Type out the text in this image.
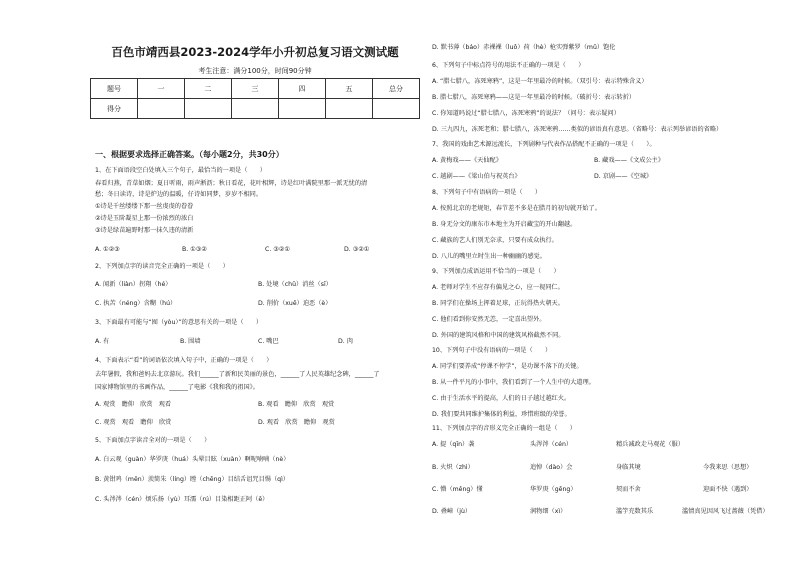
百色市靖西县2023-2024学年小升初总复习语文测试题
考生注意：满分100分，时间90分钟
题号	一	二	三	四	五	总分
得分						
一、根据要求选择正确答案。（每小题2分，共30分）
1、在下面语段空白处填入三个句子，最恰当的一项是（　　）
春看归燕，青草如烟；夏日听雨，雨声淅沥；秋日看花，花叶相辉，诗是红叶满院里那一派无忧的清
愁；冬日读诗，诗是炉边的温暖，仔诗如同梦，岁岁不相同。
①诗是千丝缕缕下那一丝虔虔的眷眷
②诗是玉阶凝星上那一份浓烈的浓白
③诗是绿苗遍野时那一抹久违的清新
A. ①②③	B. ①③②	C. ③②①	D. ③②①
2、下列加点字的读音完全正确的一项是（　　）
A. 闻新（liàn）拐翔（hé）	B. 处境（chǔ）消丝（sī）
C. 执苦（néng）含糊（hú）	D. 削价（xuē）迫恶（è）
3、下面最有可能与“囿（yòu）”的意思有关的一项是（　　）
A. 有	B. 围墙	C. 嘴巴	D. 肉
4、下面表示“看”的词语依次填入句子中，正确的一项是（　　）
去年暑假，我和爸妈去北京游玩。我们______了新和民美丽的景色，______了人民英雄纪念碑，______了
国家博物馆里的书画作品，______了电影《我和我的祖国》。
A. 观赏　瞻仰　欣赏　观看	B. 观看　瞻仰　欣赏　观赏
C. 观赏　观看　瞻仰　欣赏	D. 观看　欣赏　瞻仰　观赏
5、下面加点字读音全对的一项是（　　）
A. 白云观（guàn）华罗庚（huá）头晕目眩（xuàn）啊呢喃喃（nè）
B. 黄钳鸡（měn）羡简朱（líng）瞠（chēng）目结舌诅咒目惕（qì）
C. 头涔涔（cén）烦乐扬（yù）耳濡（rú）目染相距正阿（ē）
D. 默书薄（báo）赤裸裸（luǒ）荷（hè）枪实弹紫罗（mǔ）饱伦
6、下列句子中标点符号的用法不正确的一项是（　　）
A. “腊七腊八，冻死寒鸦”，这是一年里最冷的时候。（双引号：表示特殊含义）
B. 腊七腊八，冻死寒鸦——这是一年里最冷的时候。（破折号：表示转折）
C. 你知道吗说过“腊七腊八，冻死寒鸦”的说法？（问号：表示疑问）
D. 三九四九，冻死老和；腊七腊八，冻死寒鸦……类似的谚语真有意思。（省略号：表示列举谚语的省略）
7、我国的戏曲艺术源远流长，下列剧种与代表作品搭配不正确的一项是（　　）。
A. 黄梅戏——《天仙配》	B. 藏戏——《文成公主》
C. 越剧——《梁山伯与祝英台》	D. 京剧——《空城》
8、下列句子中有语病的一项是（　　）
A. 按照北京的老规矩，春节差不多是在腊月的初旬就开始了。
B. 身无分文的康东市本地主为开启藏宝的开山翻越。
C. 藏族的艺人们别无奈求，只要有成众执行。
D. 八儿的嘴里立时生出一种幽幽的感觉。
9、下列加点成语运用不恰当的一项是（　　）
A. 老师对学生不应存有偏见之心，应一视同仁。
B. 同学们在操场上挥着足球，正玩得热火朝天。
C. 他们看到你安然无恙，一定喜出望外。
D. 外国的建筑风格和中国的建筑风格截然不同。
10、下列句子中没有语病的一项是（　　）
A. 同学们要养成“停课不停学”，是功课不落下的关键。
B. 从一件平凡的小事中，我们看到了一个人生中的大道理。
C. 由于生活水平的提高，人们的日子越过越红火。
D. 我们要共同维护集体的利益，珍惜班级的荣誉。
11、下列加点字的音形义完全正确的一组是（　　）
A. 提（qīn）袭	头涔涔（cén）	精兵减政走马观花（服）
B. 火炽（zhì）	追悼（dào）会	身临其境	今我来思（思想）
C. 懵（měng）懂	华罗庚（gēng）	契而不舍	迎面不快（遇到）
D. 叠嶂（jù）	润物细（xì）	滥竽充数其乐	滥情真见因风飞过蔷薇（凭借）
